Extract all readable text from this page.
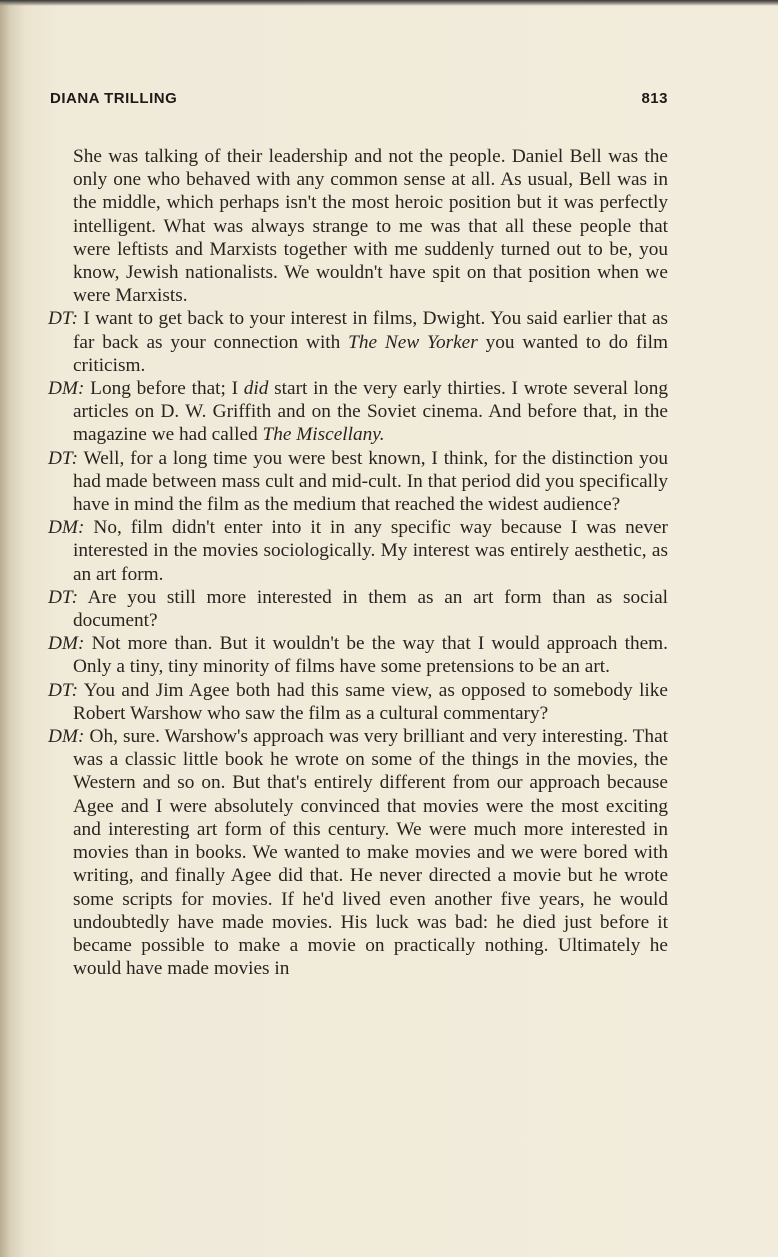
DIANA TRILLING	813

She was talking of their leadership and not the people. Daniel Bell was the only one who behaved with any common sense at all. As usual, Bell was in the middle, which perhaps isn't the most heroic position but it was perfectly intelligent. What was always strange to me was that all these people that were leftists and Marxists together with me suddenly turned out to be, you know, Jewish nationalists. We wouldn't have spit on that position when we were Marxists.

DT: I want to get back to your interest in films, Dwight. You said earlier that as far back as your connection with The New Yorker you wanted to do film criticism.

DM: Long before that; I did start in the very early thirties. I wrote several long articles on D. W. Griffith and on the Soviet cinema. And before that, in the magazine we had called The Miscellany.

DT: Well, for a long time you were best known, I think, for the distinction you had made between mass cult and mid-cult. In that period did you specifically have in mind the film as the medium that reached the widest audience?

DM: No, film didn't enter into it in any specific way because I was never interested in the movies sociologically. My interest was entirely aesthetic, as an art form.

DT: Are you still more interested in them as an art form than as social document?

DM: Not more than. But it wouldn't be the way that I would approach them. Only a tiny, tiny minority of films have some pretensions to be an art.

DT: You and Jim Agee both had this same view, as opposed to somebody like Robert Warshow who saw the film as a cultural commentary?

DM: Oh, sure. Warshow's approach was very brilliant and very interesting. That was a classic little book he wrote on some of the things in the movies, the Western and so on. But that's entirely different from our approach because Agee and I were absolutely convinced that movies were the most exciting and interesting art form of this century. We were much more interested in movies than in books. We wanted to make movies and we were bored with writing, and finally Agee did that. He never directed a movie but he wrote some scripts for movies. If he'd lived even another five years, he would undoubtedly have made movies. His luck was bad: he died just before it became possible to make a movie on practically nothing. Ultimately he would have made movies in
